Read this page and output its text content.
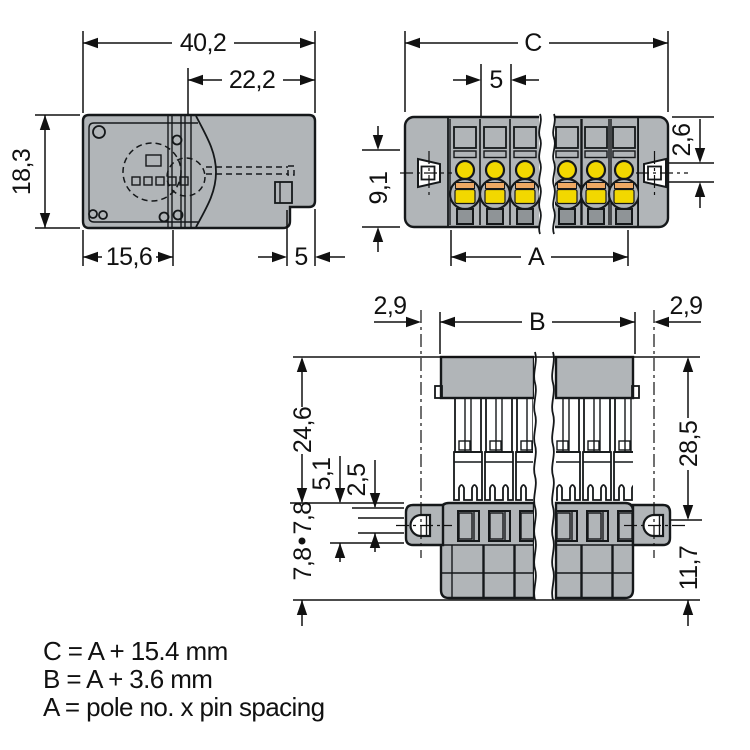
40,2
22,2
18,3
15,6	5
C
5
9,1
2,6
A
B
2,9	2,9
24,6
7,8
7,8
5,1 2,5
28,5
11,7
C = A + 15.4 mm
B = A + 3.6 mm
A = pole no. x pin spacing
